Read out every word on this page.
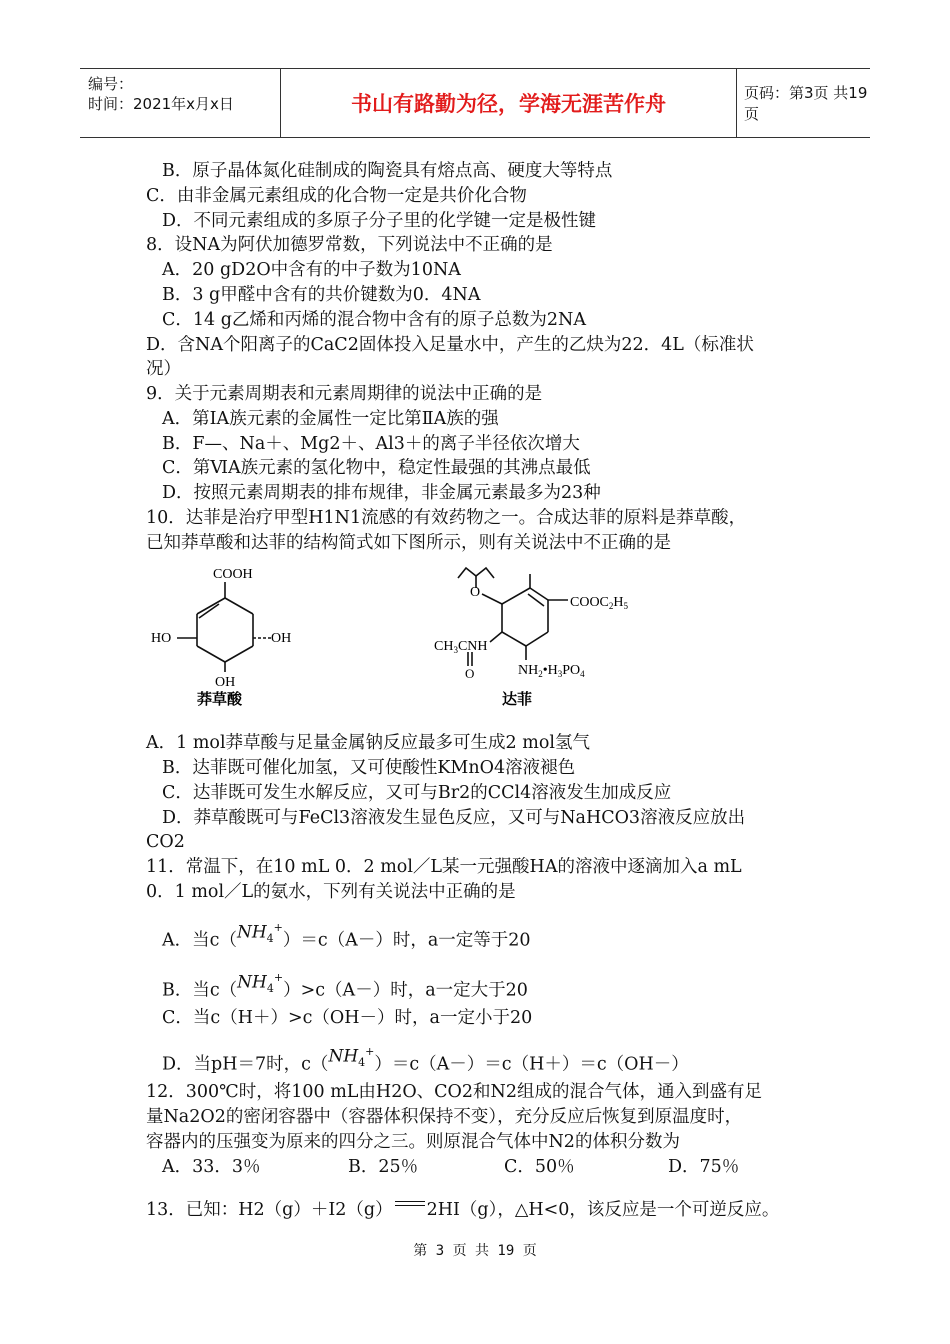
编号：
时间：2021年x月x日	书山有路勤为径，学海无涯苦作舟	页码：第3页 共19页
B．原子晶体氮化硅制成的陶瓷具有熔点高、硬度大等特点
C．由非金属元素组成的化合物一定是共价化合物
D．不同元素组成的多原子分子里的化学键一定是极性键
8．设NA为阿伏加德罗常数，下列说法中不正确的是
A．20 gD2O中含有的中子数为10NA
B．3 g甲醛中含有的共价键数为0．4NA
C．14 g乙烯和丙烯的混合物中含有的原子总数为2NA
D．含NA个阳离子的CaC2固体投入足量水中，产生的乙炔为22．4L（标准状
况）
9．关于元素周期表和元素周期律的说法中正确的是
A．第ⅠA族元素的金属性一定比第ⅡA族的强
B．F—、Na＋、Mg2＋、Al3＋的离子半径依次增大
C．第ⅥA族元素的氢化物中，稳定性最强的其沸点最低
D．按照元素周期表的排布规律，非金属元素最多为23种
10．达菲是治疗甲型H1N1流感的有效药物之一。合成达菲的原料是莽草酸，
已知莽草酸和达菲的结构简式如下图所示，则有关说法中不正确的是
COOH
HO	OH
OH
莽草酸
O
$COOC_2H_5$
$CH_3CNH$
O	$NH_2•H_3PO_4$
达菲
A．1 mol莽草酸与足量金属钠反应最多可生成2 mol氢气
B．达菲既可催化加氢，又可使酸性KMnO4溶液褪色
C．达菲既可发生水解反应，又可与Br2的CCl4溶液发生加成反应
D．莽草酸既可与FeCl3溶液发生显色反应，又可与NaHCO3溶液反应放出
CO2
11．常温下，在10 mL 0．2 mol／L某一元强酸HA的溶液中逐滴加入a mL
0．1 mol／L的氨水，下列有关说法中正确的是
A．当$c(NH_4^+)=c(A-)$时，a一定等于20
B．当$c(NH_4^+)>c(A-)$时，a一定大于20
C．当c（H＋）>c（OH－）时，a一定小于20
D．当pH＝7时，$c(NH_4^+)=c(A-)=c(H+)=c(OH-)$
12．300℃时，将100 mL由H2O、CO2和N2组成的混合气体，通入到盛有足
量Na2O2的密闭容器中（容器体积保持不变），充分反应后恢复到原温度时，
容器内的压强变为原来的四分之三。则原混合气体中N2的体积分数为
A．33．3％	B．25％	C．50％	D．75％
13．已知：H2（g）＋I2（g） 2HI（g），△H<0，该反应是一个可逆反应。
第 3 页 共 19 页
